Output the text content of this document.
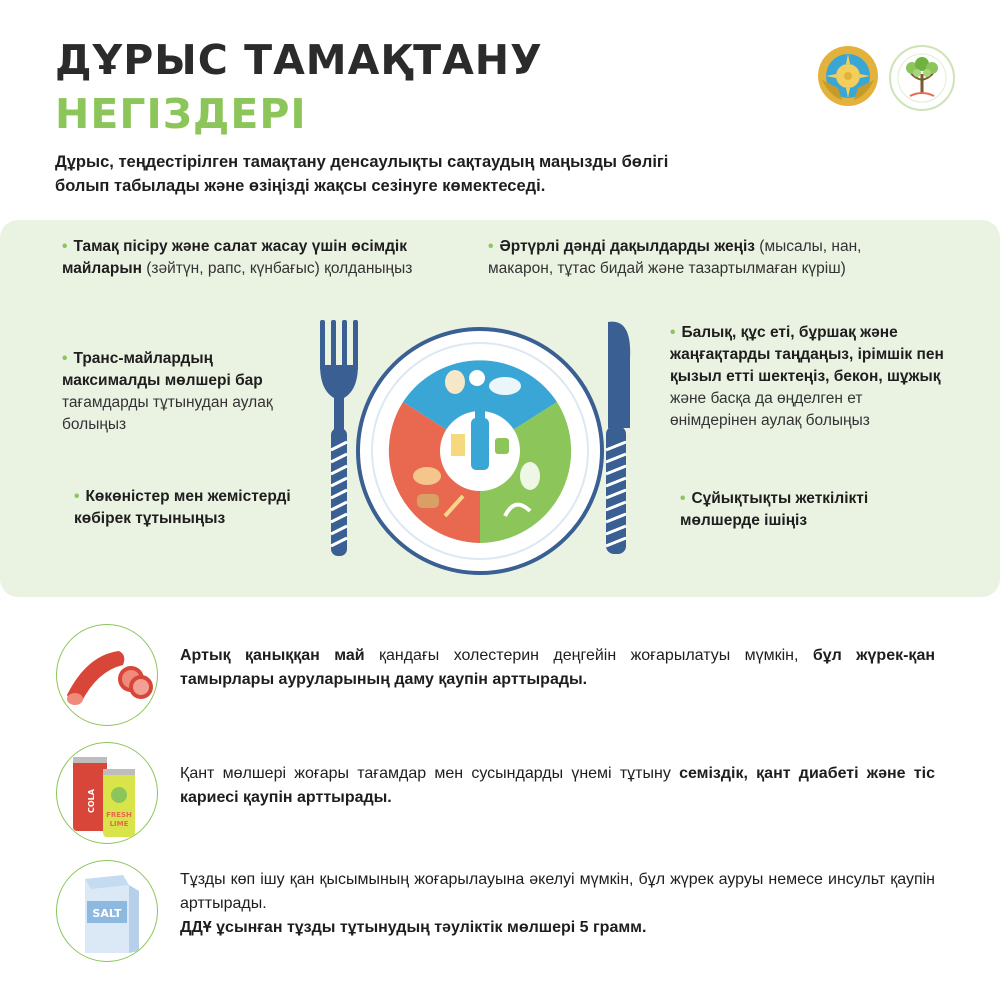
ДҰРЫС ТАМАҚТАНУ
НЕГІЗДЕРІ
Дұрыс, теңдестірілген тамақтану денсаулықты сақтаудың маңызды бөлігі болып табылады және өзіңізді жақсы сезінуге көмектеседі.
• Тамақ пісіру және салат жасау үшін өсімдік майларын (зәйтүн, рапс, күнбағыс) қолданыңыз
• Әртүрлі дәнді дақылдарды жеңіз (мысалы, нан, макарон, тұтас бидай және тазартылмаған күріш)
• Транс-майлардың максималды мөлшері бар тағамдарды тұтынудан аулақ болыңыз
• Балық, құс еті, бұршақ және жаңғақтарды таңдаңыз, ірімшік пен қызыл етті шектеңіз, бекон, шұжық және басқа да өңделген ет өнімдерінен аулақ болыңыз
• Көкөністер мен жемістерді көбірек тұтыныңыз
• Сұйықтықты жеткілікті мөлшерде ішіңіз
Артық қаныққан май қандағы холестерин деңгейін жоғарылатуы мүмкін, бұл жүрек-қан тамырлары ауруларының даму қаупін арттырады.
COLA
FRESH
LIME
Қант мөлшері жоғары тағамдар мен сусындарды үнемі тұтыну семіздік, қант диабеті және тіс кариесі қаупін арттырады.
SALT
Тұзды көп ішу қан қысымының жоғарылауына әкелуі мүмкін, бұл жүрек ауруы немесе инсульт қаупін арттырады.
ДДҰ ұсынған тұзды тұтынудың тәуліктік мөлшері 5 грамм.
